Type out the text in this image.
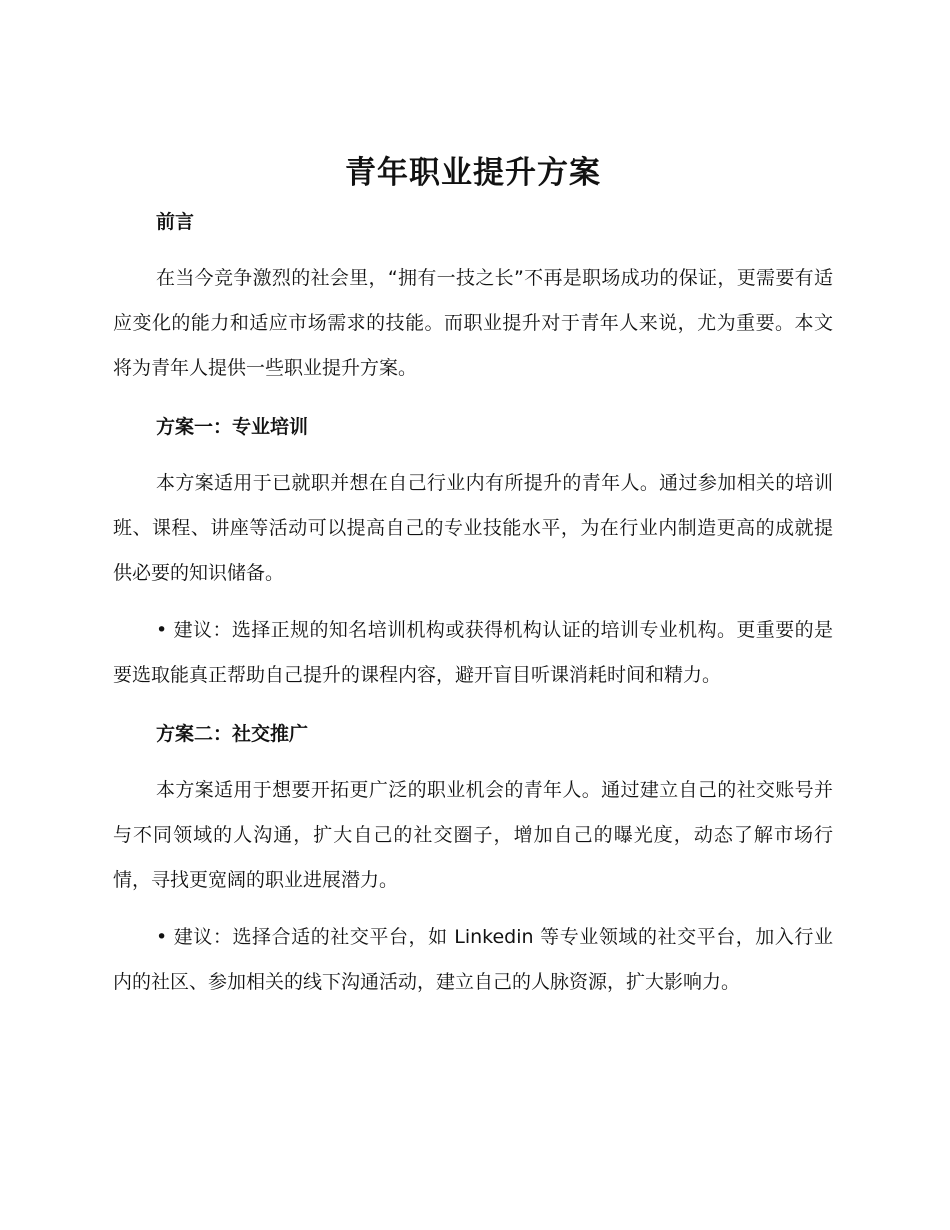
青年职业提升方案
前言

在当今竞争激烈的社会里，“拥有一技之长”不再是职场成功的保证，更需要有适应变化的能力和适应市场需求的技能。而职业提升对于青年人来说，尤为重要。本文将为青年人提供一些职业提升方案。

方案一：专业培训

本方案适用于已就职并想在自己行业内有所提升的青年人。通过参加相关的培训班、课程、讲座等活动可以提高自己的专业技能水平，为在行业内制造更高的成就提供必要的知识储备。

• 建议：选择正规的知名培训机构或获得机构认证的培训专业机构。更重要的是要选取能真正帮助自己提升的课程内容，避开盲目听课消耗时间和精力。

方案二：社交推广

本方案适用于想要开拓更广泛的职业机会的青年人。通过建立自己的社交账号并与不同领域的人沟通，扩大自己的社交圈子，增加自己的曝光度，动态了解市场行情，寻找更宽阔的职业进展潜力。

• 建议：选择合适的社交平台，如 Linkedin 等专业领域的社交平台，加入行业内的社区、参加相关的线下沟通活动，建立自己的人脉资源，扩大影响力。
